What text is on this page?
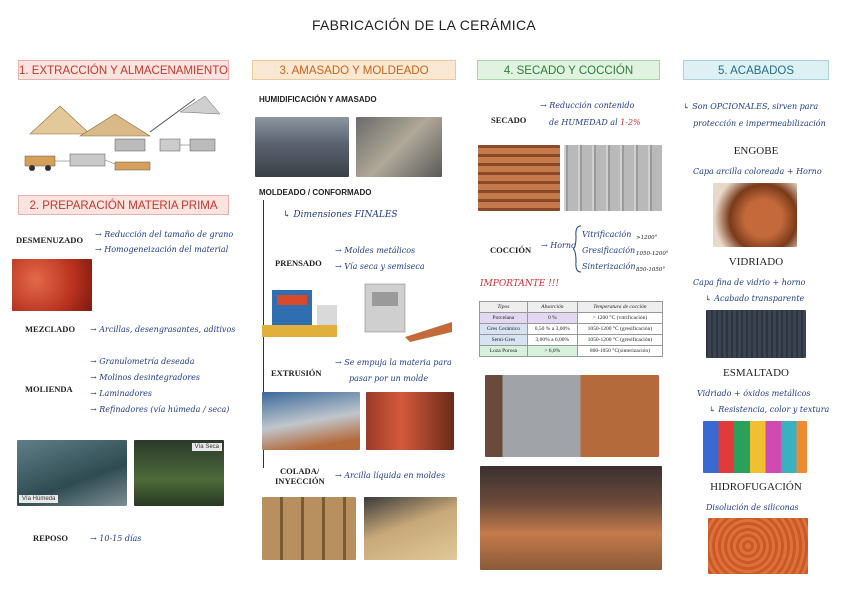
FABRICACIÓN DE LA CERÁMICA
1. EXTRACCIÓN Y ALMACENAMIENTO	3. AMASADO Y MOLDEADO	4. SECADO Y COCCIÓN	5. ACABADOS
2. PREPARACIÓN MATERIA PRIMA
DESMENUZADO
→ Reducción del tamaño de grano
→ Homogeneización del material
MEZCLADO → Arcillas, desengrasantes, aditivos
MOLIENDA
→ Granulometría deseada
→ Molinos desintegradores
→ Laminadores
→ Refinadores (vía húmeda / seca)
Vía Húmeda
Vía Seca
REPOSO	→ 10-15 días
HUMIDIFICACIÓN Y AMASADO
MOLDEADO / CONFORMADO
↳ Dimensiones FINALES
PRENSADO
→ Moldes metálicos
→ Vía seca y semiseca
EXTRUSIÓN
→ Se empuja la materia para
pasar por un molde
COLADA/
INYECCIÓN
→ Arcilla líquida en moldes
SECADO
→ Reducción contenido
de HUMEDAD al 1-2%
COCCIÓN → Horno
Vitrificación
Gresificación
Sinterización
>1200°
1050-1200°
850-1050°
IMPORTANTE !!!
Tipos	Absorción	Temperatura de cocción
Porcelana	0 %	> 1200 °C (vitrificación)
Gres Cerámico	0,50 % a 3,00%	1050-1200 °C (gresificación)
Semi-Gres	3,00% a 6,00%	1050-1200 °C (gresificación)
Loza Porosa	> 6,0%	800-1050 °C(sinterización)
↳ Son OPCIONALES, sirven para
protección e impermeabilización
ENGOBE
Capa arcilla coloreada + Horno
VIDRIADO
Capa fina de vidrio + horno
↳ Acabado transparente
ESMALTADO
Vidriado + óxidos metálicos
↳ Resistencia, color y textura
HIDROFUGACIÓN
Disolución de siliconas
